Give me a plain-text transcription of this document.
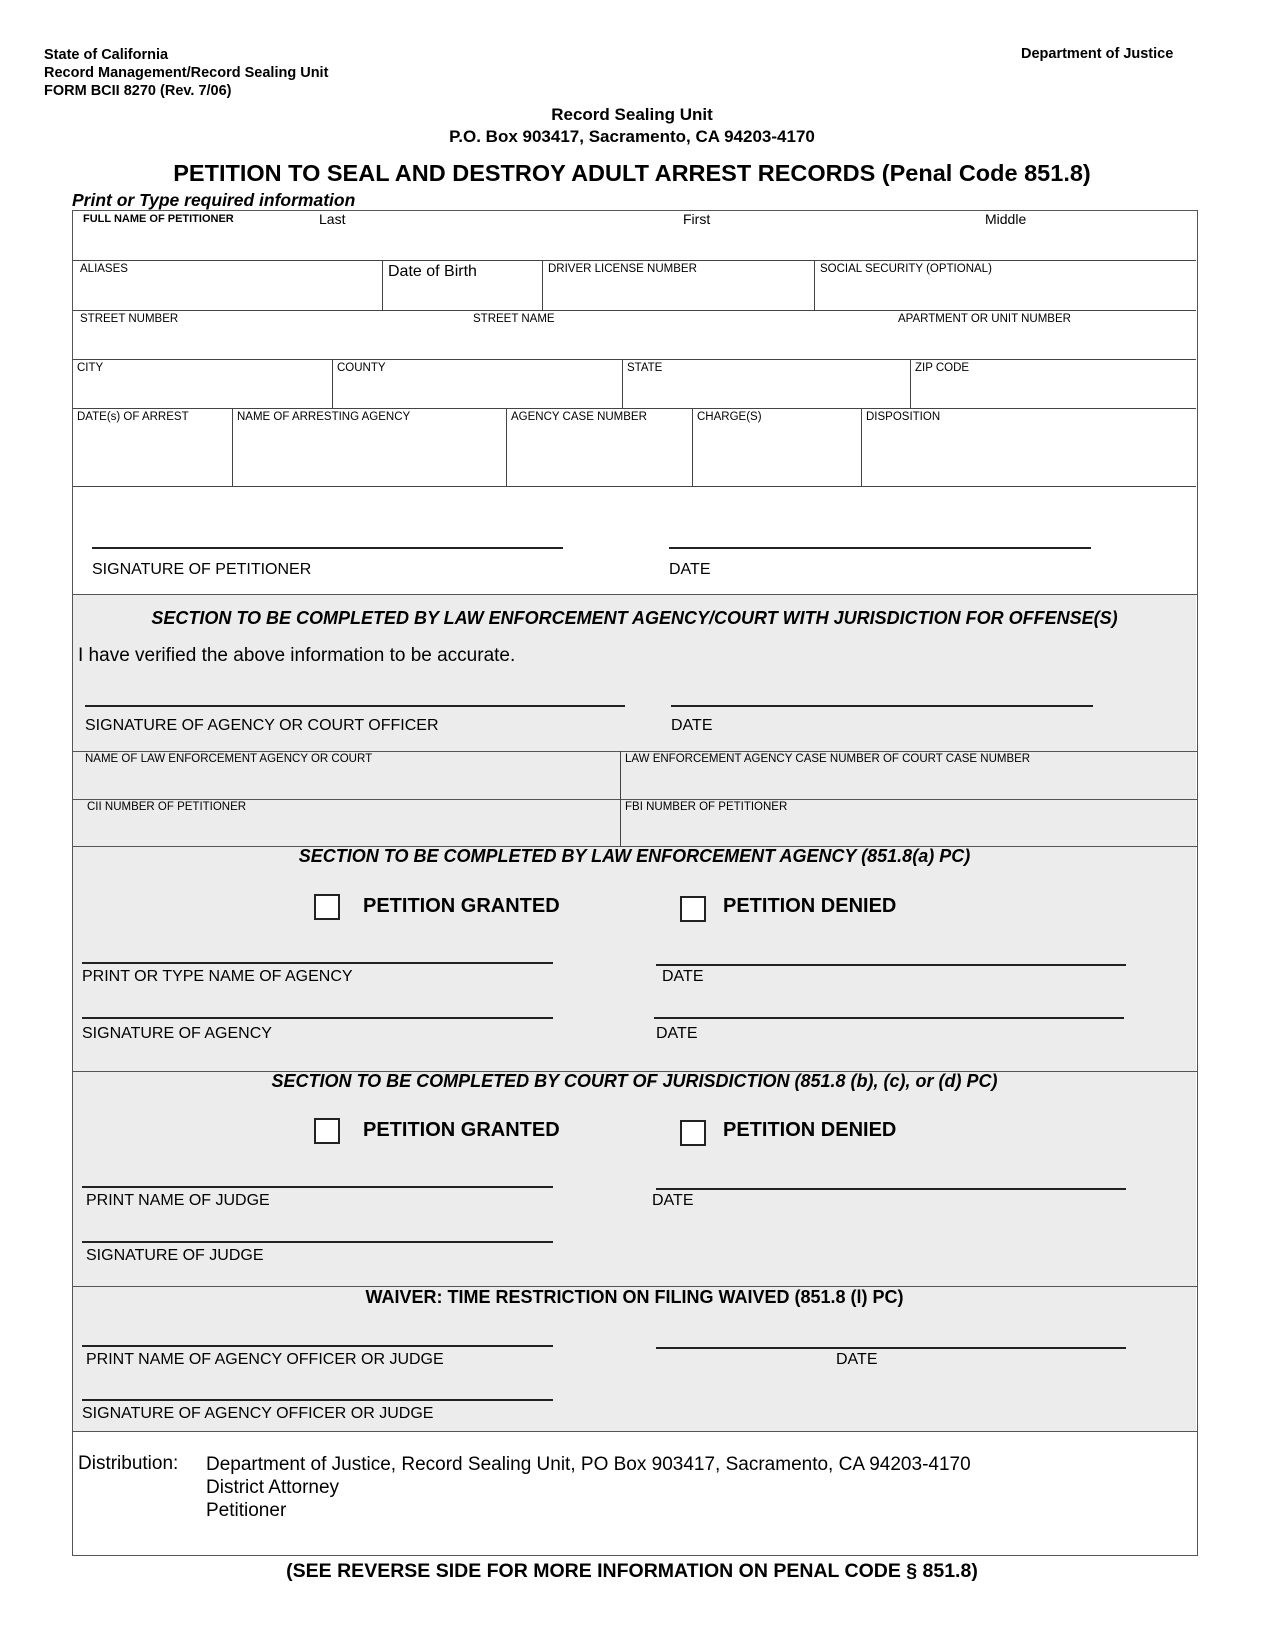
State of California
Record Management/Record Sealing Unit
FORM BCII 8270 (Rev. 7/06)
Department of Justice
Record Sealing Unit
P.O. Box 903417, Sacramento, CA 94203-4170
PETITION TO SEAL AND DESTROY ADULT ARREST RECORDS (Penal Code 851.8)
Print or Type required information
FULL NAME OF PETITIONER	Last	First	Middle
ALIASES	Date of Birth	DRIVER LICENSE NUMBER	SOCIAL SECURITY (OPTIONAL)
STREET NUMBER	STREET NAME	APARTMENT OR UNIT NUMBER
CITY	COUNTY	STATE	ZIP CODE
DATE(s) OF ARREST	NAME OF ARRESTING AGENCY	AGENCY CASE NUMBER	CHARGE(S)	DISPOSITION
SIGNATURE OF PETITIONER	DATE
SECTION TO BE COMPLETED BY LAW ENFORCEMENT AGENCY/COURT WITH JURISDICTION FOR OFFENSE(S)
I have verified the above information to be accurate.
SIGNATURE OF AGENCY OR COURT OFFICER	DATE
NAME OF LAW ENFORCEMENT AGENCY OR COURT	LAW ENFORCEMENT AGENCY CASE NUMBER OF COURT CASE NUMBER
CII NUMBER OF PETITIONER	FBI NUMBER OF PETITIONER
SECTION TO BE COMPLETED BY LAW ENFORCEMENT AGENCY (851.8(a) PC)
PETITION GRANTED	PETITION DENIED
PRINT OR TYPE NAME OF AGENCY	DATE
SIGNATURE OF AGENCY	DATE
SECTION TO BE COMPLETED BY COURT OF JURISDICTION (851.8 (b), (c), or (d) PC)
PETITION GRANTED	PETITION DENIED
PRINT NAME OF JUDGE	DATE
SIGNATURE OF JUDGE
WAIVER: TIME RESTRICTION ON FILING WAIVED (851.8 (l) PC)
PRINT NAME OF AGENCY OFFICER OR JUDGE	DATE
SIGNATURE OF AGENCY OFFICER OR JUDGE
Distribution: Department of Justice, Record Sealing Unit, PO Box 903417, Sacramento, CA 94203-4170
District Attorney
Petitioner
(SEE REVERSE SIDE FOR MORE INFORMATION ON PENAL CODE § 851.8)
